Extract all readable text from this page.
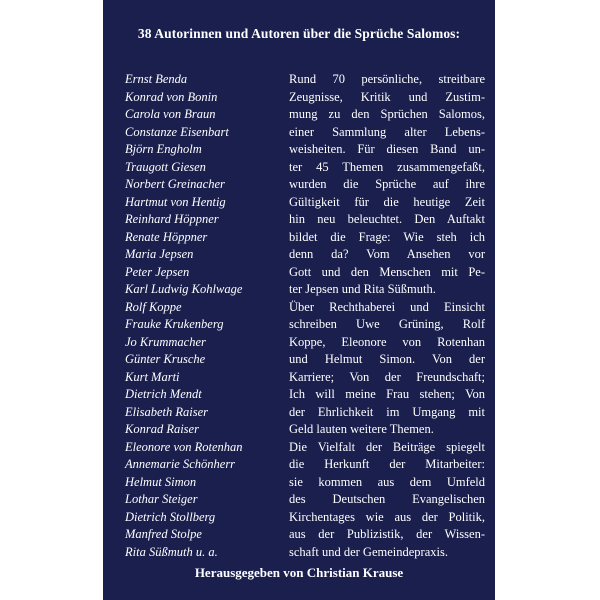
38 Autorinnen und Autoren über die Sprüche Salomos:
Ernst Benda
Konrad von Bonin
Carola von Braun
Constanze Eisenbart
Björn Engholm
Traugott Giesen
Norbert Greinacher
Hartmut von Hentig
Reinhard Höppner
Renate Höppner
Maria Jepsen
Peter Jepsen
Karl Ludwig Kohlwage
Rolf Koppe
Frauke Krukenberg
Jo Krummacher
Günter Krusche
Kurt Marti
Dietrich Mendt
Elisabeth Raiser
Konrad Raiser
Eleonore von Rotenhan
Annemarie Schönherr
Helmut Simon
Lothar Steiger
Dietrich Stollberg
Manfred Stolpe
Rita Süßmuth u. a.
Rund 70 persönliche, streitbare
Zeugnisse, Kritik und Zustim-
mung zu den Sprüchen Salomos,
einer Sammlung alter Lebens-
weisheiten. Für diesen Band un-
ter 45 Themen zusammengefaßt,
wurden die Sprüche auf ihre
Gültigkeit für die heutige Zeit
hin neu beleuchtet. Den Auftakt
bildet die Frage: Wie steh ich
denn da? Vom Ansehen vor
Gott und den Menschen mit Pe-
ter Jepsen und Rita Süßmuth.
Über Rechthaberei und Einsicht
schreiben Uwe Grüning, Rolf
Koppe, Eleonore von Rotenhan
und Helmut Simon. Von der
Karriere; Von der Freundschaft;
Ich will meine Frau stehen; Von
der Ehrlichkeit im Umgang mit
Geld lauten weitere Themen.
Die Vielfalt der Beiträge spiegelt
die Herkunft der Mitarbeiter:
sie kommen aus dem Umfeld
des Deutschen Evangelischen
Kirchentages wie aus der Politik,
aus der Publizistik, der Wissen-
schaft und der Gemeindepraxis.
Herausgegeben von Christian Krause
